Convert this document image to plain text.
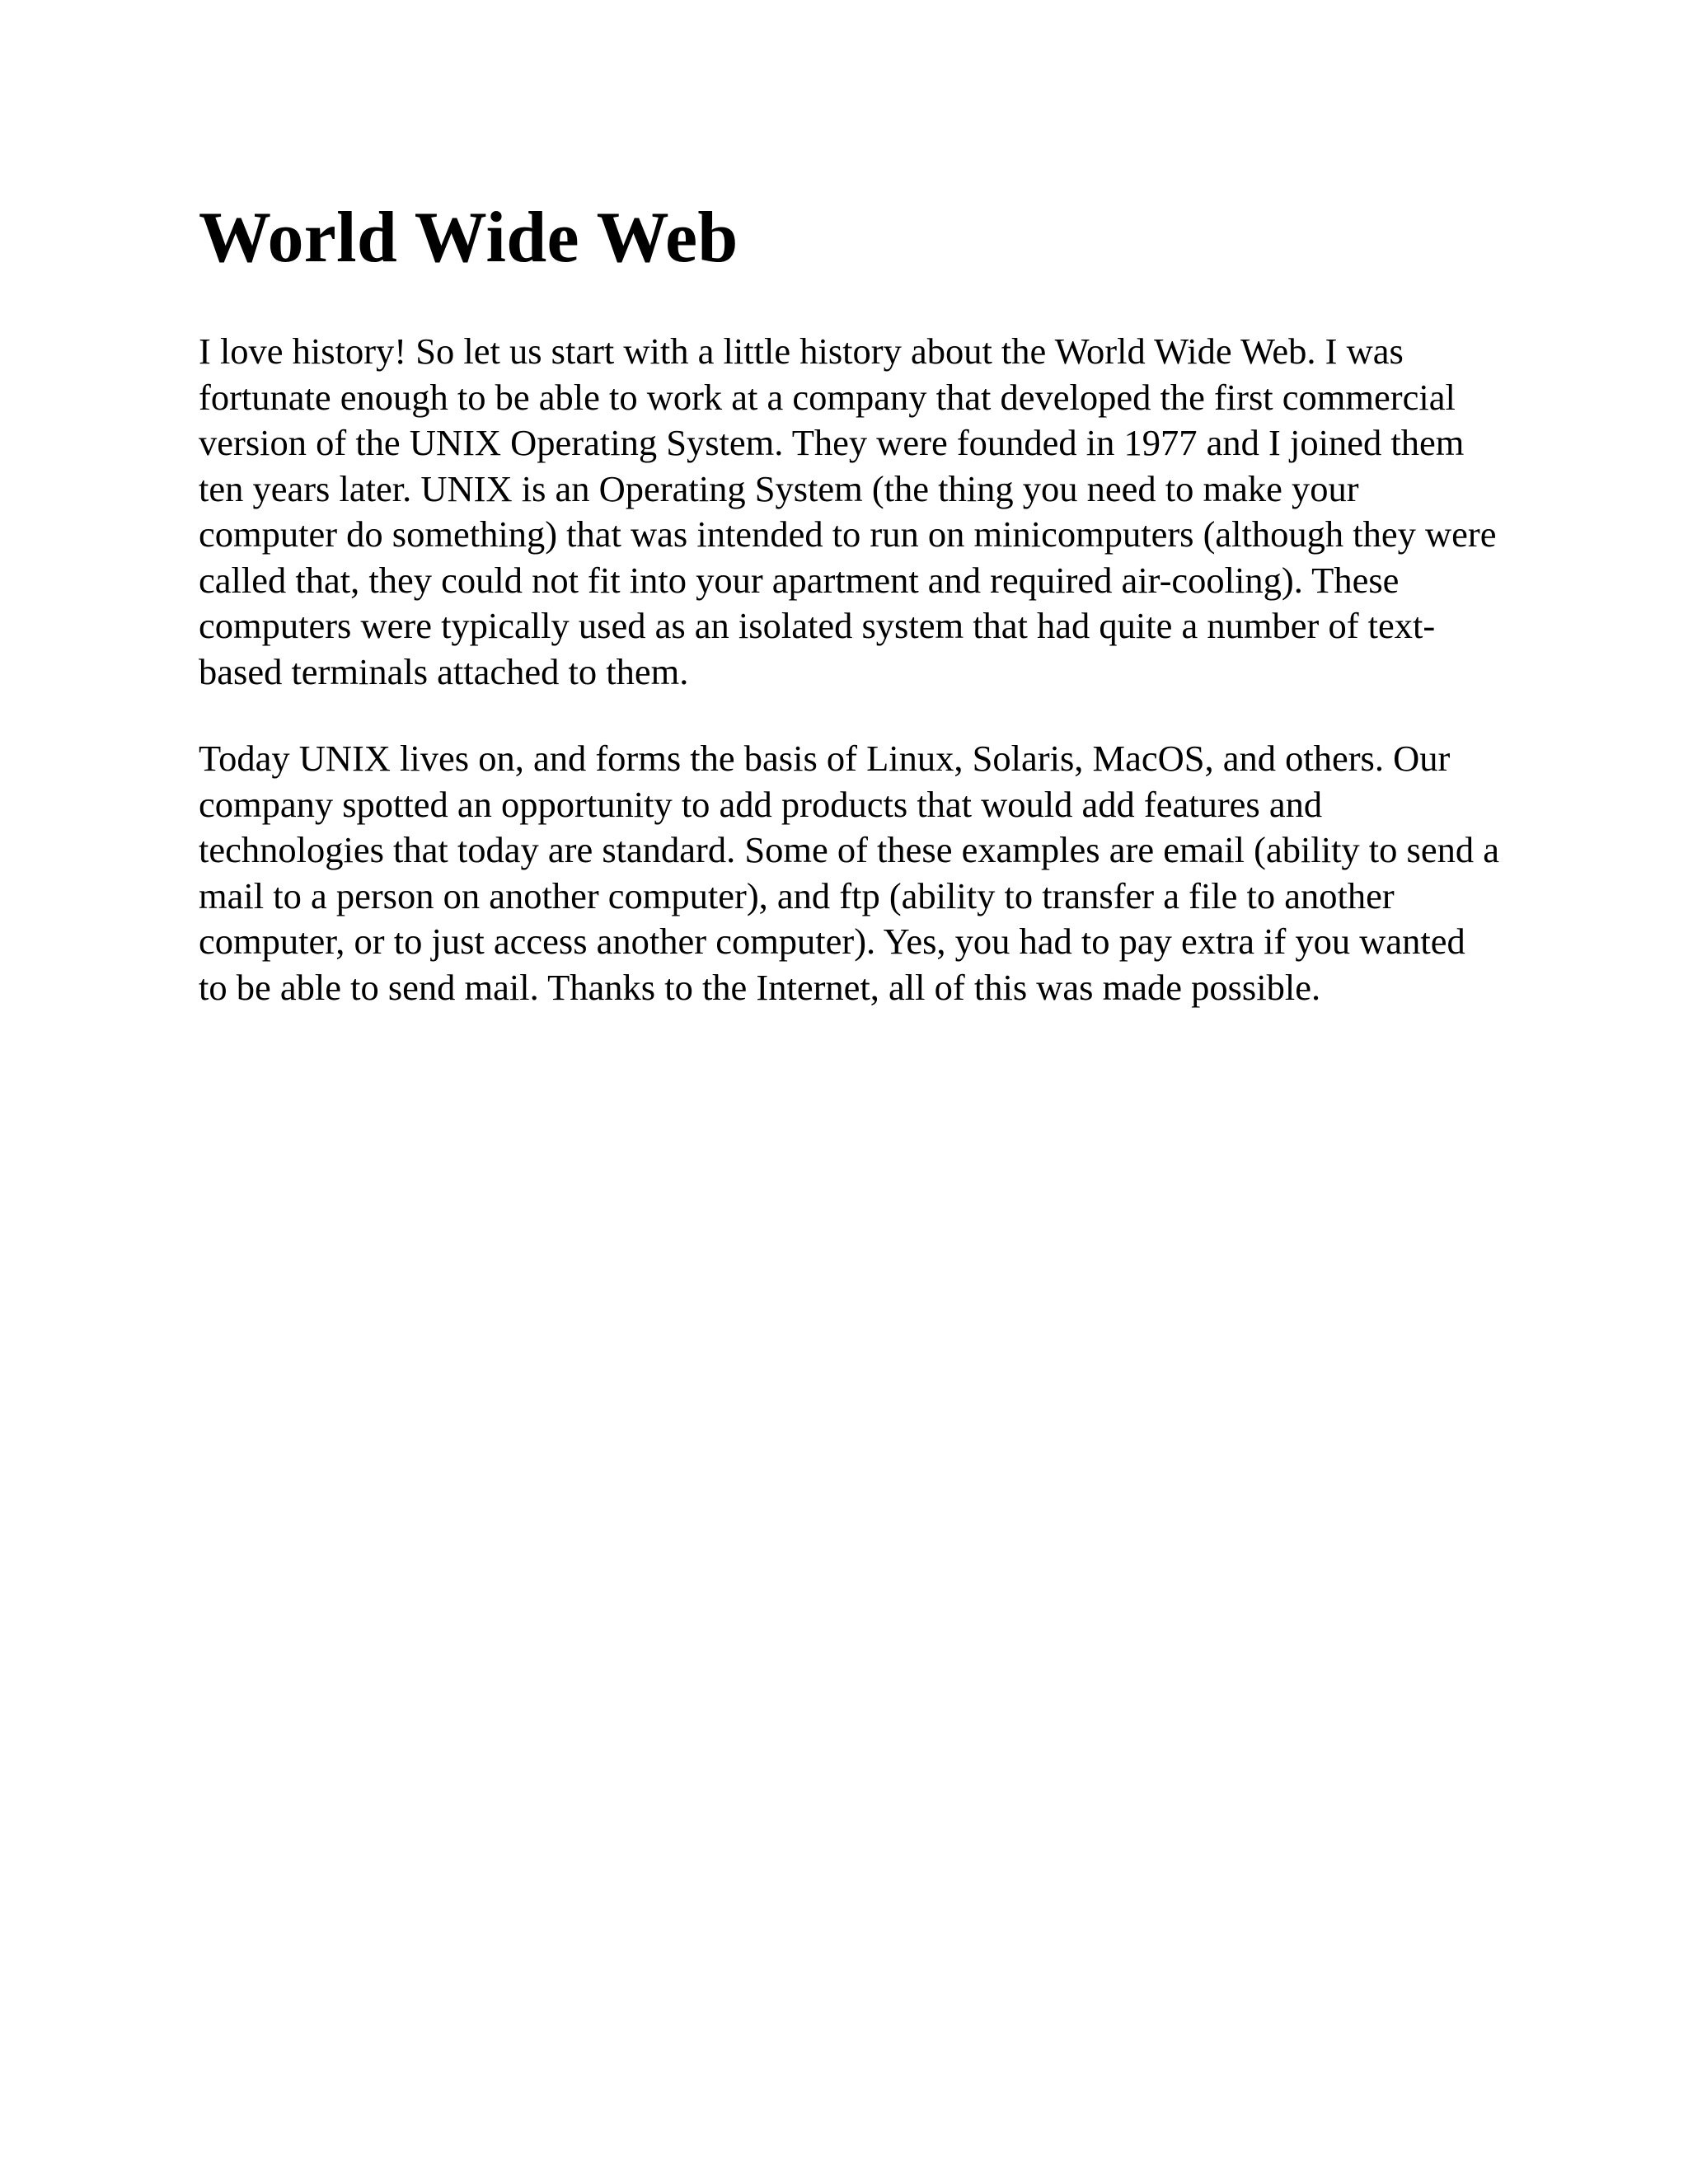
World Wide Web

I love history! So let us start with a little history about the World Wide Web. I was fortunate enough to be able to work at a company that developed the first commercial version of the UNIX Operating System. They were founded in 1977 and I joined them ten years later. UNIX is an Operating System (the thing you need to make your computer do something) that was intended to run on minicomputers (although they were called that, they could not fit into your apartment and required air-cooling). These computers were typically used as an isolated system that had quite a number of text-based terminals attached to them.

Today UNIX lives on, and forms the basis of Linux, Solaris, MacOS, and others. Our company spotted an opportunity to add products that would add features and technologies that today are standard. Some of these examples are email (ability to send a mail to a person on another computer), and ftp (ability to transfer a file to another computer, or to just access another computer). Yes, you had to pay extra if you wanted to be able to send mail. Thanks to the Internet, all of this was made possible.
